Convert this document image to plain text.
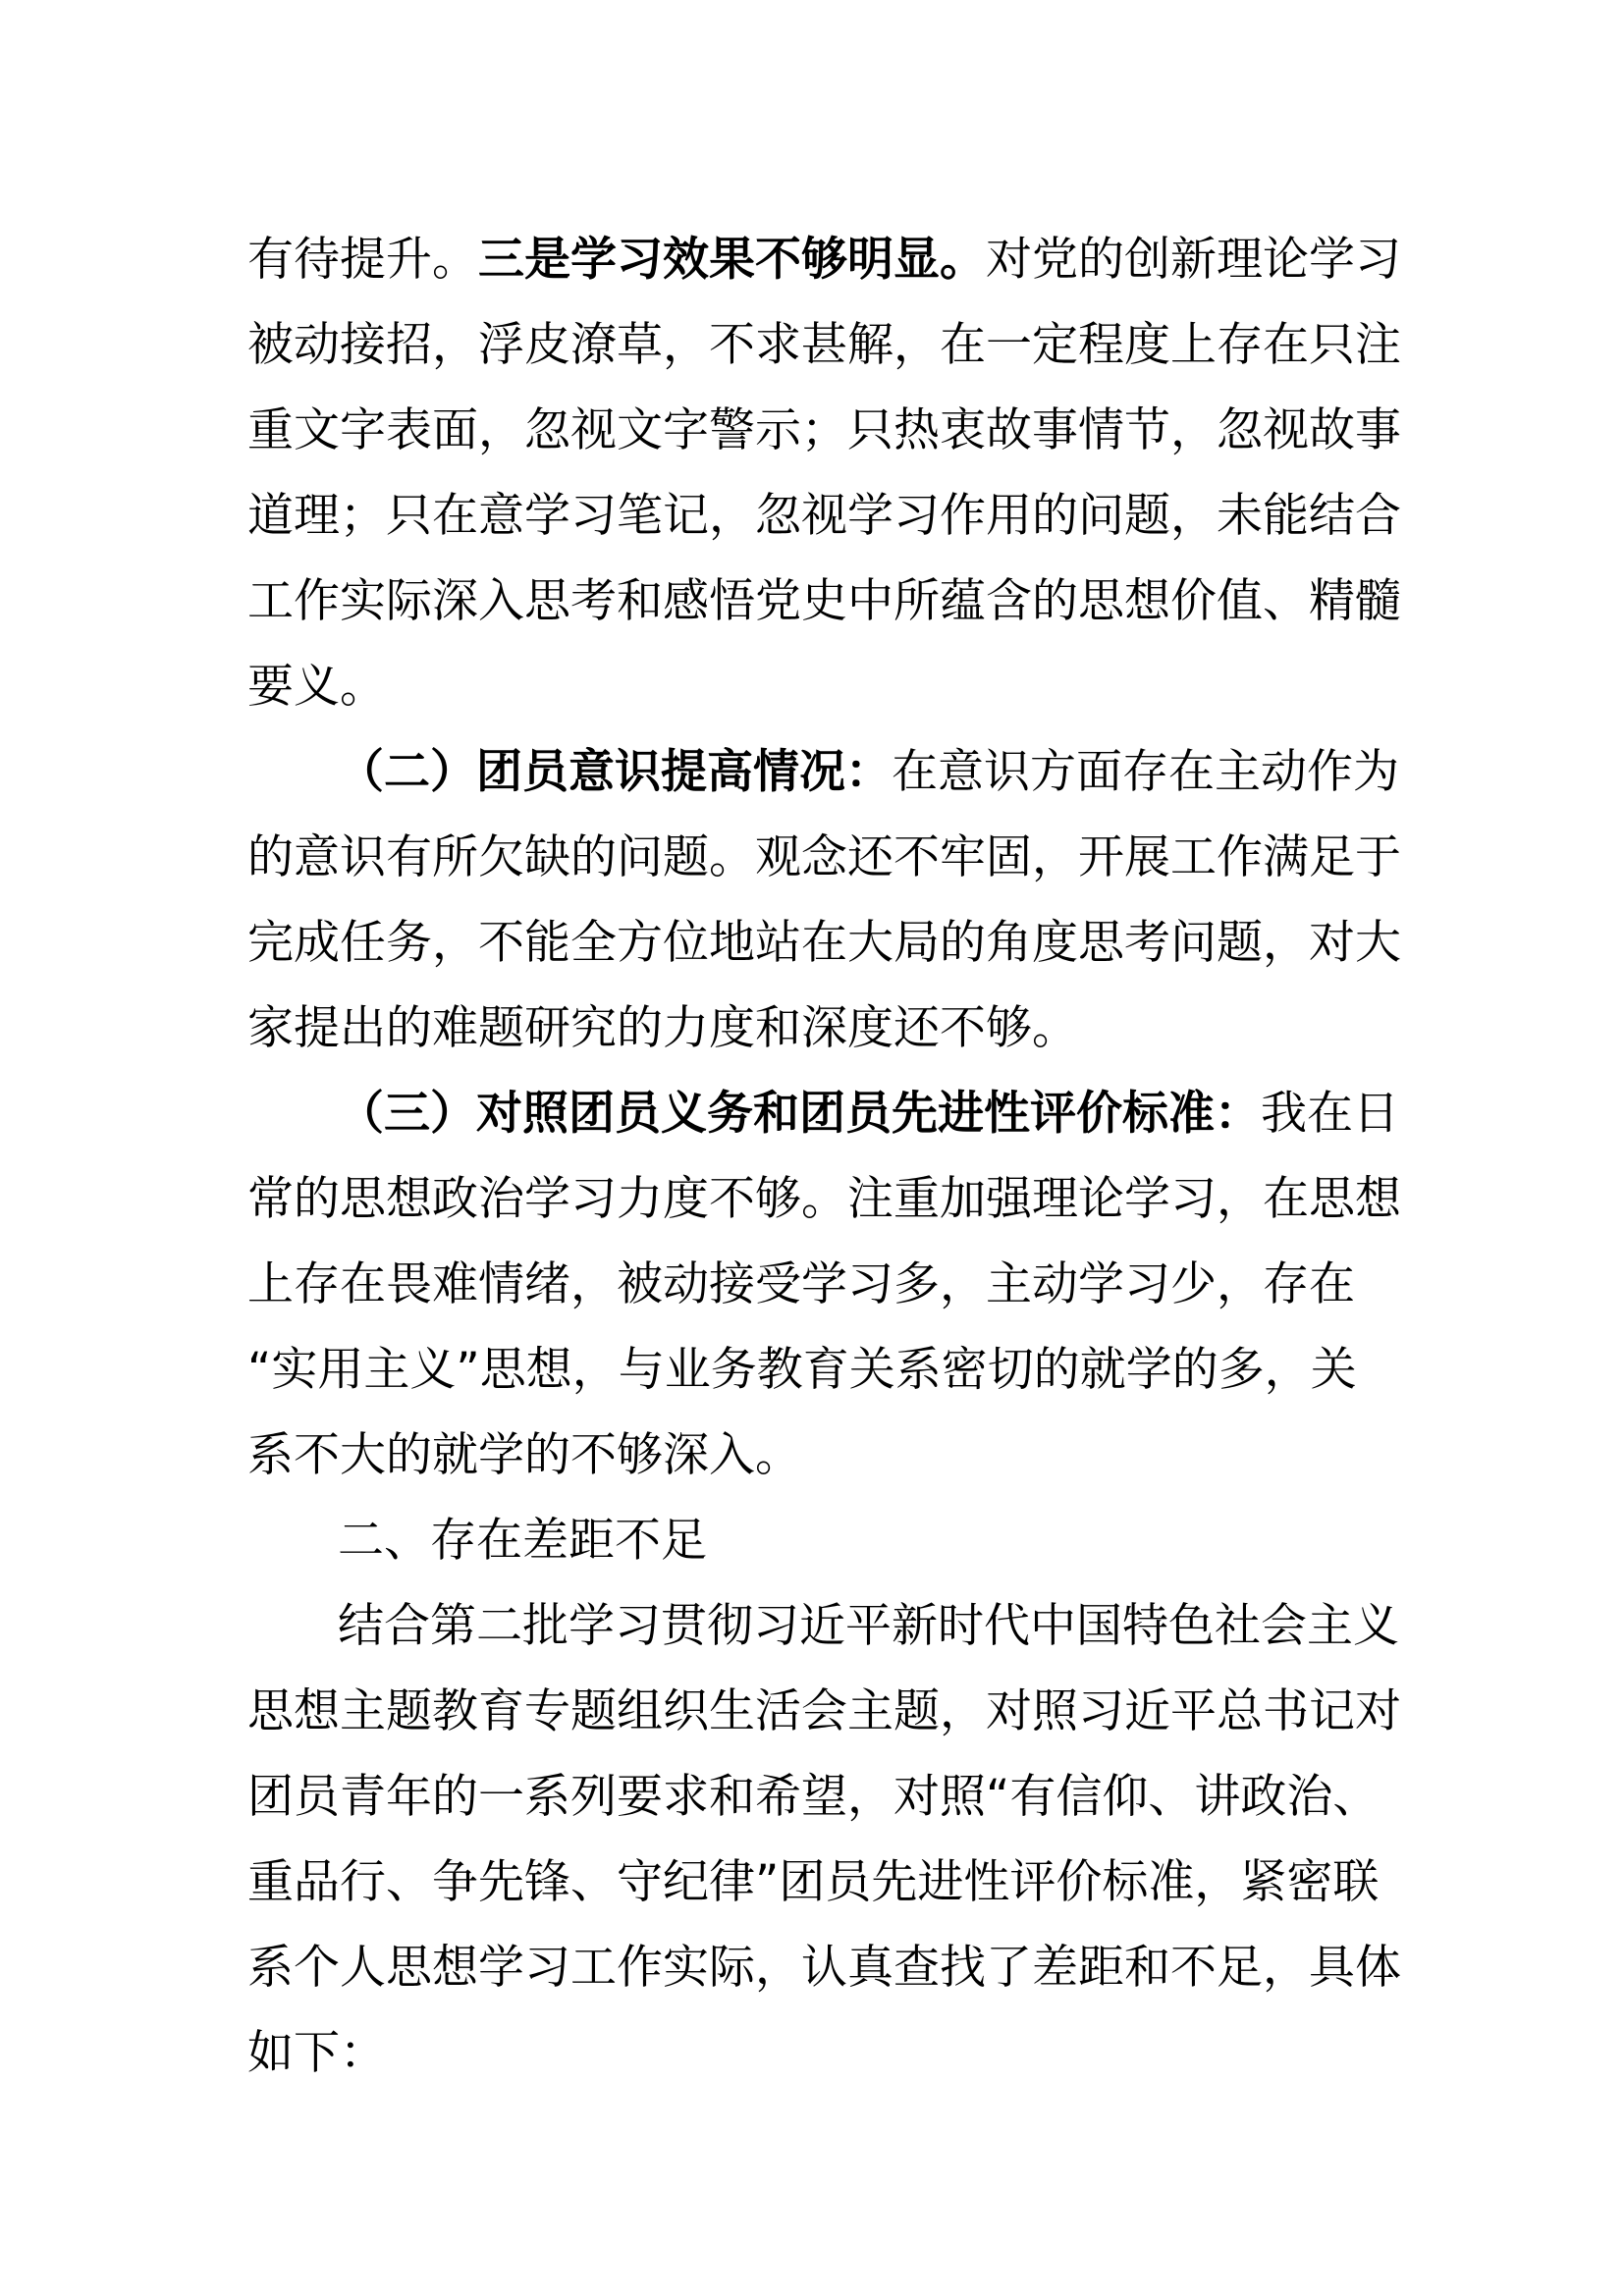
有待提升。三是学习效果不够明显。对党的创新理论学习
被动接招，浮皮潦草，不求甚解，在一定程度上存在只注
重文字表面，忽视文字警示；只热衷故事情节，忽视故事
道理；只在意学习笔记，忽视学习作用的问题，未能结合
工作实际深入思考和感悟党史中所蕴含的思想价值、精髓
要义。
（二）团员意识提高情况：在意识方面存在主动作为
的意识有所欠缺的问题。观念还不牢固，开展工作满足于
完成任务，不能全方位地站在大局的角度思考问题，对大
家提出的难题研究的力度和深度还不够。
（三）对照团员义务和团员先进性评价标准：我在日
常的思想政治学习力度不够。注重加强理论学习，在思想
上存在畏难情绪，被动接受学习多，主动学习少，存在
“实用主义”思想，与业务教育关系密切的就学的多，关
系不大的就学的不够深入。
二、存在差距不足
结合第二批学习贯彻习近平新时代中国特色社会主义
思想主题教育专题组织生活会主题，对照习近平总书记对
团员青年的一系列要求和希望，对照“有信仰、讲政治、
重品行、争先锋、守纪律”团员先进性评价标准，紧密联
系个人思想学习工作实际，认真查找了差距和不足，具体
如下：
